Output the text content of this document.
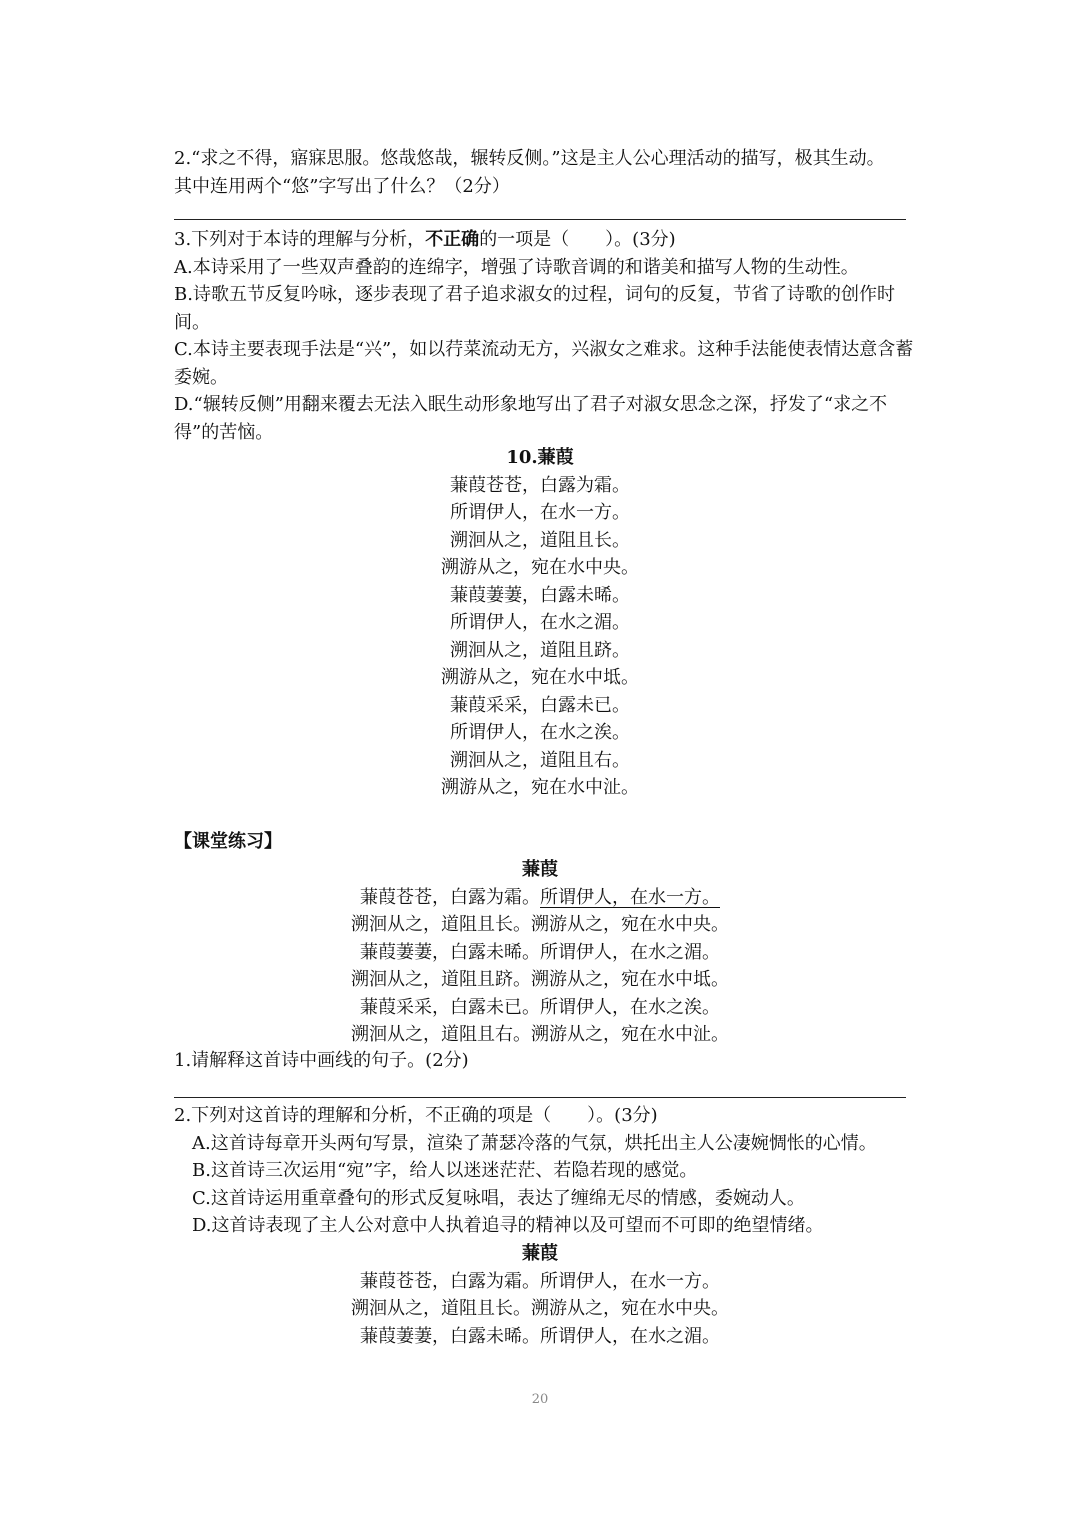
2.“求之不得，寤寐思服。悠哉悠哉，辗转反侧。”这是主人公心理活动的描写，极其生动。

其中连用两个“悠”字写出了什么？（2分）

3.下列对于本诗的理解与分析，不正确的一项是（　　）。(3分)

A.本诗采用了一些双声叠韵的连绵字，增强了诗歌音调的和谐美和描写人物的生动性。

B.诗歌五节反复吟咏，逐步表现了君子追求淑女的过程，词句的反复，节省了诗歌的创作时间。

C.本诗主要表现手法是“兴”，如以荇菜流动无方，兴淑女之难求。这种手法能使表情达意含蓄委婉。

D.“辗转反侧”用翻来覆去无法入眠生动形象地写出了君子对淑女思念之深，抒发了“求之不得”的苦恼。

10.蒹葭
蒹葭苍苍，白露为霜。
所谓伊人，在水一方。
溯洄从之，道阻且长。
溯游从之，宛在水中央。
蒹葭萋萋，白露未晞。
所谓伊人，在水之湄。
溯洄从之，道阻且跻。
溯游从之，宛在水中坻。
蒹葭采采，白露未已。
所谓伊人，在水之涘。
溯洄从之，道阻且右。
溯游从之，宛在水中沚。
【课堂练习】
蒹葭
蒹葭苍苍，白露为霜。所谓伊人，在水一方。
溯洄从之，道阻且长。溯游从之，宛在水中央。
蒹葭萋萋，白露未晞。所谓伊人，在水之湄。
溯洄从之，道阻且跻。溯游从之，宛在水中坻。
蒹葭采采，白露未已。所谓伊人，在水之涘。
溯洄从之，道阻且右。溯游从之，宛在水中沚。

1.请解释这首诗中画线的句子。(2分)

2.下列对这首诗的理解和分析，不正确的项是（　　）。(3分)

A.这首诗每章开头两句写景，渲染了萧瑟冷落的气氛，烘托出主人公凄婉惆怅的心情。

B.这首诗三次运用“宛”字，给人以迷迷茫茫、若隐若现的感觉。

C.这首诗运用重章叠句的形式反复咏唱，表达了缠绵无尽的情感，委婉动人。

D.这首诗表现了主人公对意中人执着追寻的精神以及可望而不可即的绝望情绪。

蒹葭
蒹葭苍苍，白露为霜。所谓伊人，在水一方。
溯洄从之，道阻且长。溯游从之，宛在水中央。
蒹葭萋萋，白露未晞。所谓伊人，在水之湄。
20
